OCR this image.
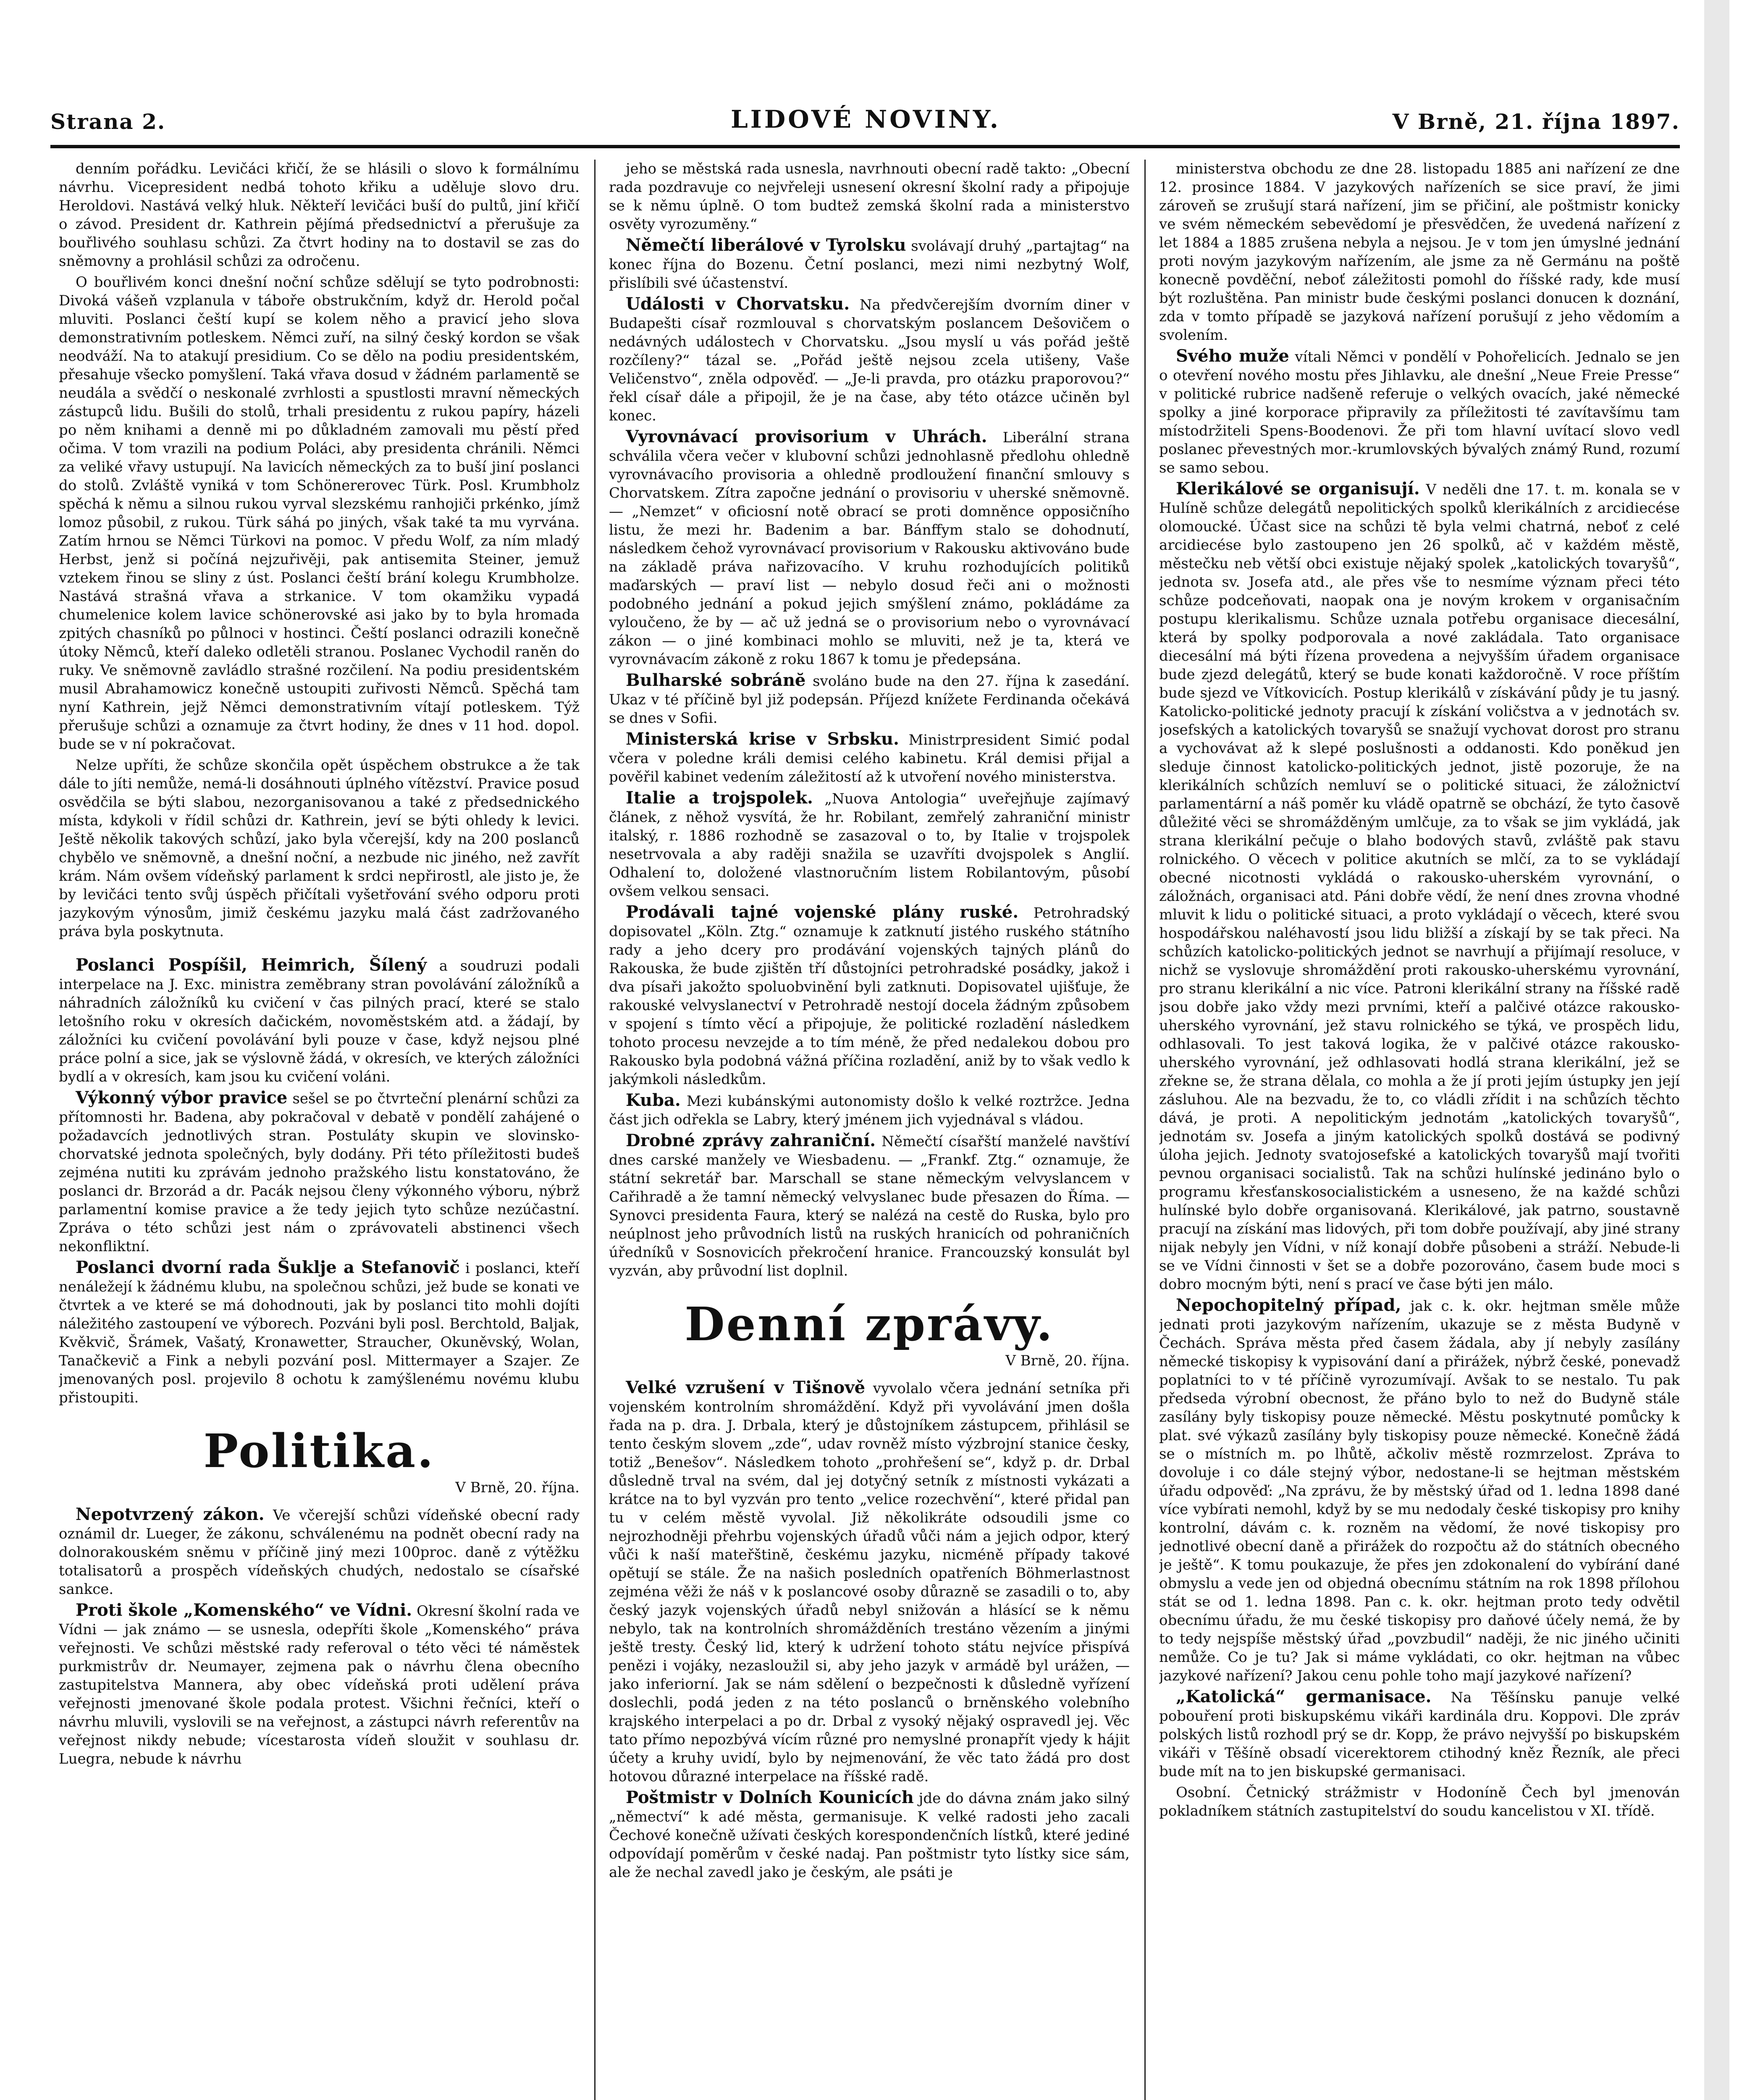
Strana 2.	LIDOVÉ NOVINY.	V Brně, 21. října 1897.

denním pořádku. Levičáci křičí, že se hlásili o slovo k formálnímu návrhu. Vicepresident nedbá tohoto křiku a uděluje slovo dru. Heroldovi. Nastává velký hluk. Někteří levičáci buší do pultů, jiní křičí o závod. President dr. Kathrein pějímá předsednictví a přerušuje za bouřlivého souhlasu schůzi. Za čtvrt hodiny na to dostavil se zas do sněmovny a prohlásil schůzi za odročenu.

O bouřlivém konci dnešní noční schůze sdělují se tyto podrobnosti: Divoká vášeň vzplanula v táboře obstrukčním, když dr. Herold počal mluviti. Poslanci čeští kupí se kolem něho a pravicí jeho slova demonstrativním potleskem. Němci zuří, na silný český kordon se však neodváží. Na to atakují presidium. Co se dělo na podiu presidentském, přesahuje všecko pomyšlení. Taká vřava dosud v žádném parlamentě se neudála a svědčí o neskonalé zvrhlosti a spustlosti mravní německých zástupců lidu. Bušili do stolů, trhali presidentu z rukou papíry, házeli po něm knihami a denně mi po důkladném zamovali mu pěstí před očima. V tom vrazili na podium Poláci, aby presidenta chránili. Němci za veliké vřavy ustupují. Na lavicích německých za to buší jiní poslanci do stolů. Zvláště vyniká v tom Schönererovec Türk. Posl. Krumbholz spěchá k němu a silnou rukou vyrval slezskému ranhojiči prkénko, jímž lomoz působil, z rukou. Türk sáhá po jiných, však také ta mu vyrvána. Zatím hrnou se Němci Türkovi na pomoc. V předu Wolf, za ním mladý Herbst, jenž si počíná nejzuřivěji, pak antisemita Steiner, jemuž vztekem řinou se sliny z úst. Poslanci čeští brání kolegu Krumbholze. Nastává strašná vřava a strkanice. V tom okamžiku vypadá chumelenice kolem lavice schönerovské asi jako by to byla hromada zpitých chasníků po půlnoci v hostinci. Čeští poslanci odrazili konečně útoky Němců, kteří daleko odletěli stranou. Poslanec Vychodil raněn do ruky. Ve sněmovně zavládlo strašné rozčilení. Na podiu presidentském musil Abrahamowicz konečně ustoupiti zuřivosti Němců. Spěchá tam nyní Kathrein, jejž Němci demonstrativním vítají potleskem. Týž přerušuje schůzi a oznamuje za čtvrt hodiny, že dnes v 11 hod. dopol. bude se v ní pokračovat.

Nelze upříti, že schůze skončila opět úspěchem obstrukce a že tak dále to jíti nemůže, nemá-li dosáhnouti úplného vítězství. Pravice posud osvědčila se býti slabou, nezorganisovanou a také z předsednického místa, kdykoli v řídil schůzi dr. Kathrein, jeví se býti ohledy k levici. Ještě několik takových schůzí, jako byla včerejší, kdy na 200 poslanců chybělo ve sněmovně, a dnešní noční, a nezbude nic jiného, než zavřít krám. Nám ovšem vídeňský parlament k srdci nepřirostl, ale jisto je, že by levičáci tento svůj úspěch přičítali vyšetřování svého odporu proti jazykovým výnosům, jimiž českému jazyku malá část zadržovaného práva byla poskytnuta.

Poslanci Pospíšil, Heimrich, Šílený a soudruzi podali interpelace na J. Exc. ministra zeměbrany stran povolávání záložníků a náhradních záložníků ku cvičení v čas pilných prací, které se stalo letošního roku v okresích dačickém, novoměstském atd. a žádají, by záložníci ku cvičení povolávání byli pouze v čase, když nejsou plné práce polní a sice, jak se výslovně žádá, v okresích, ve kterých záložníci bydlí a v okresích, kam jsou ku cvičení voláni.

Výkonný výbor pravice sešel se po čtvrteční plenární schůzi za přítomnosti hr. Badena, aby pokračoval v debatě v pondělí zahájené o požadavcích jednotlivých stran. Postuláty skupin ve slovinsko-chorvatské jednota společných, byly dodány. Při této příležitosti budeš zejména nutiti ku zprávám jednoho pražského listu konstatováno, že poslanci dr. Brzorád a dr. Pacák nejsou členy výkonného výboru, nýbrž parlamentní komise pravice a že tedy jejich tyto schůze nezúčastní. Zpráva o této schůzi jest nám o zprávovateli abstinenci všech nekonfliktní.

Poslanci dvorní rada Šuklje a Stefanovič i poslanci, kteří nenáležejí k žádnému klubu, na společnou schůzi, jež bude se konati ve čtvrtek a ve které se má dohodnouti, jak by poslanci tito mohli dojíti náležitého zastoupení ve výborech. Pozváni byli posl. Berchtold, Baljak, Kvěkvič, Šrámek, Vašatý, Kronawetter, Straucher, Okuněvský, Wolan, Tanačkevič a Fink a nebyli pozvání posl. Mittermayer a Szajer. Ze jmenovaných posl. projevilo 8 ochotu k zamýšlenému novému klubu přistoupiti.

Politika.
V Brně, 20. října.

Nepotvrzený zákon. Ve včerejší schůzi vídeňské obecní rady oznámil dr. Lueger, že zákonu, schválenému na podnět obecní rady na dolnorakouském sněmu v příčině jiný mezi 100proc. daně z výtěžku totalisatorů a prospěch vídeňských chudých, nedostalo se císařské sankce.

Proti škole „Komenského“ ve Vídni. Okresní školní rada ve Vídni — jak známo — se usnesla, odepříti škole „Komenského“ práva veřejnosti. Ve schůzi městské rady referoval o této věci té náměstek purkmistrův dr. Neumayer, zejmena pak o návrhu člena obecního zastupitelstva Mannera, aby obec vídeňská proti udělení práva veřejnosti jmenované škole podala protest. Všichni řečníci, kteří o návrhu mluvili, vyslovili se na veřejnost, a zástupci návrh referentův na veřejnost nikdy nebude; vícestarosta vídeň sloužit v souhlasu dr. Luegra, nebude k návrhu

jeho se městská rada usnesla, navrhnouti obecní radě takto: „Obecní rada pozdravuje co nejvřeleji usnesení okresní školní rady a připojuje se k němu úplně. O tom budtež zemská školní rada a ministerstvo osvěty vyrozuměny.“

Němečtí liberálové v Tyrolsku svolávají druhý „partajtag“ na konec října do Bozenu. Četní poslanci, mezi nimi nezbytný Wolf, přislíbili své účastenství.

Události v Chorvatsku. Na předvčerejším dvorním diner v Budapešti císař rozmlouval s chorvatským poslancem Dešovičem o nedávných událostech v Chorvatsku. „Jsou myslí u vás pořád ještě rozčíleny?“ tázal se. „Pořád ještě nejsou zcela utišeny, Vaše Veličenstvo“, zněla odpověď. — „Je-li pravda, pro otázku praporovou?“ řekl císař dále a připojil, že je na čase, aby této otázce učiněn byl konec.

Vyrovnávací provisorium v Uhrách. Liberální strana schválila včera večer v klubovní schůzi jednohlasně předlohu ohledně vyrovnávacího provisoria a ohledně prodloužení finanční smlouvy s Chorvatskem. Zítra započne jednání o provisoriu v uherské sněmovně. — „Nemzet“ v oficiosní notě obrací se proti domněnce opposičního listu, že mezi hr. Badenim a bar. Bánffym stalo se dohodnutí, následkem čehož vyrovnávací provisorium v Rakousku aktivováno bude na základě práva nařizovacího. V kruhu rozhodujících politiků maďarských — praví list — nebylo dosud řeči ani o možnosti podobného jednání a pokud jejich smýšlení známo, pokládáme za vyloučeno, že by — ač už jedná se o provisorium nebo o vyrovnávací zákon — o jiné kombinaci mohlo se mluviti, než je ta, která ve vyrovnávacím zákoně z roku 1867 k tomu je předepsána.

Bulharské sobránĕ svoláno bude na den 27. října k zasedání. Ukaz v té příčině byl již podepsán. Příjezd knížete Ferdinanda očekává se dnes v Sofii.

Ministerská krise v Srbsku. Ministrpresident Simić podal včera v poledne králi demisi celého kabinetu. Král demisi přijal a pověřil kabinet vedením záležitostí až k utvoření nového ministerstva.

Italie a trojspolek. „Nuova Antologia“ uveřejňuje zajímavý článek, z něhož vysvítá, že hr. Robilant, zemřelý zahraniční ministr italský, r. 1886 rozhodně se zasazoval o to, by Italie v trojspolek nesetrvovala a aby raději snažila se uzavříti dvojspolek s Anglií. Odhalení to, doložené vlastnoručním listem Robilantovým, působí ovšem velkou sensaci.

Prodávali tajné vojenské plány ruské. Petrohradský dopisovatel „Köln. Ztg.“ oznamuje k zatknutí jistého ruského státního rady a jeho dcery pro prodávání vojenských tajných plánů do Rakouska, že bude zjištěn tří důstojníci petrohradské posádky, jakož i dva písaři jakožto spoluobvinění byli zatknuti. Dopisovatel ujišťuje, že rakouské velvyslanectví v Petrohradě nestojí docela žádným způsobem v spojení s tímto věcí a připojuje, že politické rozladění následkem tohoto procesu nevzejde a to tím méně, že před nedalekou dobou pro Rakousko byla podobná vážná příčina rozladění, aniž by to však vedlo k jakýmkoli následkům.

Kuba. Mezi kubánskými autonomisty došlo k velké roztržce. Jedna část jich odřekla se Labry, který jménem jich vyjednával s vládou.

Drobné zprávy zahraniční. Němečtí císařští manželé navštíví dnes carské manžely ve Wiesbadenu. — „Frankf. Ztg.“ oznamuje, že státní sekretář bar. Marschall se stane německým velvyslancem v Cařihradě a že tamní německý velvyslanec bude přesazen do Říma. — Synovci presidenta Faura, který se nalézá na cestě do Ruska, bylo pro neúplnost jeho průvodních listů na ruských hranicích od pohraničních úředníků v Sosnovicích překročení hranice. Francouzský konsulát byl vyzván, aby průvodní list doplnil.

Denní zprávy.
V Brně, 20. října.

Velké vzrušení v Tišnově vyvolalo včera jednání setníka při vojenském kontrolním shromáždění. Když při vyvolávání jmen došla řada na p. dra. J. Drbala, který je důstojníkem zástupcem, přihlásil se tento českým slovem „zde“, udav rovněž místo výzbrojní stanice česky, totiž „Benešov“. Následkem tohoto „prohřešení se“, když p. dr. Drbal důsledně trval na svém, dal jej dotyčný setník z místnosti vykázati a krátce na to byl vyzván pro tento „velice rozechvění“, které přidal pan tu v celém městě vyvolal. Již několikráte odsoudili jsme co nejrozhodněji přehrbu vojenských úřadů vůči nám a jejich odpor, který vůči k naší mateřštině, českému jazyku, nicméně případy takové opětují se stále. Že na našich posledních opatřeních Böhmerlastnost zejména věži že náš v k poslancové osoby důrazně se zasadili o to, aby český jazyk vojenských úřadů nebyl snižován a hlásící se k němu nebylo, tak na kontrolních shromážděních trestáno vězením a jinými ještě tresty. Český lid, který k udržení tohoto státu nejvíce přispívá penězi i vojáky, nezasloužil si, aby jeho jazyk v armádě byl urážen, — jako inferiorní. Jak se nám sdělení o bezpečnosti k důsledně vyřízení doslechli, podá jeden z na této poslanců o brněnského volebního krajského interpelaci a po dr. Drbal z vysoký nějaký ospravedl jej. Věc tato přímo nepozbývá vícím různé pro nemyslné pronapřít vjedy k hájit účety a kruhy uvidí, bylo by nejmenování, že věc tato žádá pro dost hotovou důrazné interpelace na říšské radě.

Poštmistr v Dolních Kounicích jde do dávna znám jako silný „němectví“ k adé města, germanisuje. K velké radosti jeho zacali Čechové konečně užívati českých korespondenčních lístků, které jediné odpovídají poměrům v české nadaj. Pan poštmistr tyto lístky sice sám, ale že nechal zavedl jako je českým, ale psáti je

ministerstva obchodu ze dne 28. listopadu 1885 ani nařízení ze dne 12. prosince 1884. V jazykových nařízeních se sice praví, že jimi zároveň se zrušují stará nařízení, jim se přičiní, ale poštmistr konicky ve svém německém sebevědomí je přesvědčen, že uvedená nařízení z let 1884 a 1885 zrušena nebyla a nejsou. Je v tom jen úmyslné jednání proti novým jazykovým nařízením, ale jsme za ně Germánu na poště konecně povděční, neboť záležitosti pomohl do říšské rady, kde musí být rozluštěna. Pan ministr bude českými poslanci donucen k doznání, zda v tomto případě se jazyková nařízení porušují z jeho vědomím a svolením.

Svého muže vítali Němci v pondělí v Pohořelicích. Jednalo se jen o otevření nového mostu přes Jihlavku, ale dnešní „Neue Freie Presse“ v politické rubrice nadšeně referuje o velkých ovacích, jaké německé spolky a jiné korporace připravily za příležitosti té zavítavšímu tam místodržiteli Spens-Boodenovi. Že při tom hlavní uvítací slovo vedl poslanec převestných mor.-krumlovských bývalých známý Rund, rozumí se samo sebou.

Klerikálové se organisují. V neděli dne 17. t. m. konala se v Hulíně schůze delegátů nepolitických spolků klerikálních z arcidiecése olomoucké. Účast sice na schůzi tě byla velmi chatrná, neboť z celé arcidiecése bylo zastoupeno jen 26 spolků, ač v každém městě, městečku neb větší obci existuje nějaký spolek „katolických tovaryšů“, jednota sv. Josefa atd., ale přes vše to nesmíme význam přeci této schůze podceňovati, naopak ona je novým krokem v organisačním postupu klerikalismu. Schůze uznala potřebu organisace diecesální, která by spolky podporovala a nové zakládala. Tato organisace diecesální má býti řízena provedena a nejvyšším úřadem organisace bude zjezd delegátů, který se bude konati každoročně. V roce příštím bude sjezd ve Vítkovicích. Postup klerikálů v získávání půdy je tu jasný. Katolicko-politické jednoty pracují k získání voličstva a v jednotách sv. josefských a katolických tovaryšů se snažují vychovat dorost pro stranu a vychovávat až k slepé poslušnosti a oddanosti. Kdo poněkud jen sleduje činnost katolicko-politických jednot, jistě pozoruje, že na klerikálních schůzích nemluví se o politické situaci, že záložnictví parlamentární a náš poměr ku vládě opatrně se obchází, že tyto časově důležité věci se shromážděným umlčuje, za to však se jim vykládá, jak strana klerikální pečuje o blaho bodových stavů, zvláště pak stavu rolnického. O věcech v politice akutních se mlčí, za to se vykládají obecné nicotnosti vykládá o rakousko-uherském vyrovnání, o záložnách, organisaci atd. Páni dobře vědí, že není dnes zrovna vhodné mluvit k lidu o politické situaci, a proto vykládají o věcech, které svou hospodářskou naléhavostí jsou lidu bližší a získají by se tak přeci. Na schůzích katolicko-politických jednot se navrhují a přijímají resoluce, v nichž se vyslovuje shromáždění proti rakousko-uherskému vyrovnání, pro stranu klerikální a nic více. Patroni klerikální strany na říšské radě jsou dobře jako vždy mezi prvními, kteří a palčivé otázce rakousko-uherského vyrovnání, jež stavu rolnického se týká, ve prospěch lidu, odhlasovali. To jest taková logika, že v palčivé otázce rakousko-uherského vyrovnání, jež odhlasovati hodlá strana klerikální, jež se zřekne se, že strana dělala, co mohla a že jí proti jejím ústupky jen její zásluhou. Ale na bezvadu, že to, co vládli zřídit i na schůzích těchto dává, je proti. A nepolitickým jednotám „katolických tovaryšů“, jednotám sv. Josefa a jiným katolických spolků dostává se podivný úloha jejich. Jednoty svatojosefské a katolických tovaryšů mají tvořiti pevnou organisaci socialistů. Tak na schůzi hulínské jedináno bylo o programu křesťanskosocialistickém a usneseno, že na každé schůzi hulínské bylo dobře organisovaná. Klerikálové, jak patrno, soustavně pracují na získání mas lidových, při tom dobře používají, aby jiné strany nijak nebyly jen Vídni, v níž konají dobře působeni a stráží. Nebude-li se ve Vídni činnosti v šet se a dobře pozorováno, časem bude moci s dobro mocným býti, není s prací ve čase býti jen málo.

Nepochopitelný případ, jak c. k. okr. hejtman směle může jednati proti jazykovým nařízením, ukazuje se z města Budyně v Čechách. Správa města před časem žádala, aby jí nebyly zasílány německé tiskopisy k vypisování daní a přirážek, nýbrž české, ponevadž poplatníci to v té příčině vyrozumívají. Avšak to se nestalo. Tu pak předseda výrobní obecnost, že přáno bylo to než do Budyně stále zasílány byly tiskopisy pouze německé. Městu poskytnuté pomůcky k plat. své výkazů zasílány byly tiskopisy pouze německé. Konečně žádá se o místních m. po lhůtě, ačkoliv městě rozmrzelost. Zpráva to dovoluje i co dále stejný výbor, nedostane-li se hejtman městském úřadu odpověď: „Na zprávu, že by městský úřad od 1. ledna 1898 dané více vybírati nemohl, když by se mu nedodaly české tiskopisy pro knihy kontrolní, dávám c. k. rozněm na vědomí, že nové tiskopisy pro jednotlivé obecní daně a přirážek do rozpočtu až do státních obecného je ještě“. K tomu poukazuje, že přes jen zdokonalení do vybírání dané obmyslu a vede jen od objedná obecnímu státním na rok 1898 přílohou stát se od 1. ledna 1898. Pan c. k. okr. hejtman proto tedy odvětil obecnímu úřadu, že mu české tiskopisy pro daňové účely nemá, že by to tedy nejspíše městský úřad „povzbudil“ naději, že nic jiného učiniti nemůže. Co je tu? Jak si máme vykládati, co okr. hejtman na vůbec jazykové nařízení? Jakou cenu pohle toho mají jazykové nařízení?

„Katolická“ germanisace. Na Těšínsku panuje velké pobouření proti biskupskému vikáři kardinála dru. Koppovi. Dle zpráv polských listů rozhodl prý se dr. Kopp, že právo nejvyšší po biskupském vikáři v Těšíně obsadí vicerektorem ctihodný kněz Řezník, ale přeci bude mít na to jen biskupské germanisaci.

Osobní. Četnický strážmistr v Hodoníně Čech byl jmenován pokladníkem státních zastupitelství do soudu kancelistou v XI. třídě.
